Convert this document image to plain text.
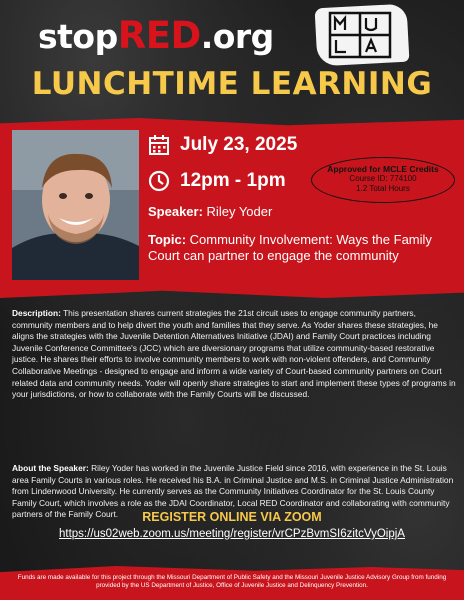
stopRED.org
LUNCHTIME LEARNING
July 23, 2025
12pm - 1pm
Approved for MCLE Credits
Course ID: 774100
1.2 Total Hours
Speaker: Riley Yoder
Topic: Community Involvement: Ways the Family Court can partner to engage the community
Description: This presentation shares current strategies the 21st circuit uses to engage community partners, community members and to help divert the youth and families that they serve. As Yoder shares these strategies, he aligns the strategies with the Juvenile Detention Alternatives Initiative (JDAI) and Family Court practices including Juvenile Conference Committee's (JCC) which are diversionary programs that utilize community-based restorative justice. He shares their efforts to involve community members to work with non-violent offenders, and Community Collaborative Meetings - designed to engage and inform a wide variety of Court-based community partners on Court related data and community needs. Yoder will openly share strategies to start and implement these types of programs in your jurisdictions, or how to collaborate with the Family Courts will be discussed.
About the Speaker: Riley Yoder has worked in the Juvenile Justice Field since 2016, with experience in the St. Louis area Family Courts in various roles. He received his B.A. in Criminal Justice and M.S. in Criminal Justice Administration from Lindenwood University. He currently serves as the Community Initiatives Coordinator for the St. Louis County Family Court, which involves a role as the JDAI Coordinator, Local RED Coordinator and collaborating with community partners of the Family Court.	REGISTER ONLINE VIA ZOOM
https://us02web.zoom.us/meeting/register/vrCPzBvmSI6zitcVyOipjA
Funds are made available for this project through the Missouri Department of Public Safety and the Missouri Juvenile Justice Advisory Group from funding provided by the US Department of Justice, Office of Juvenile Justice and Delinquency Prevention.
